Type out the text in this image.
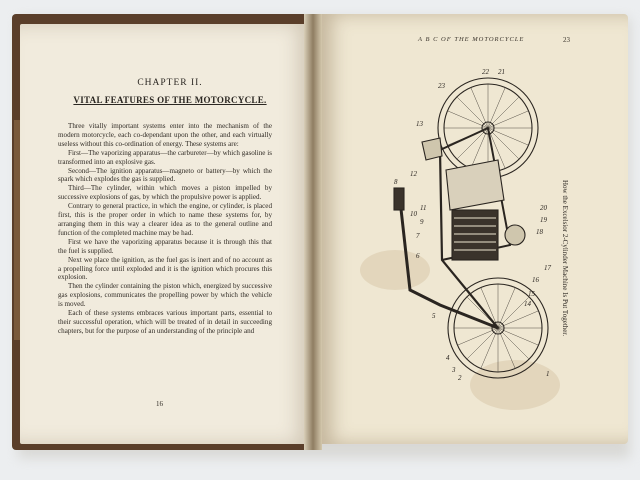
CHAPTER II.
VITAL FEATURES OF THE MOTORCYCLE.

Three vitally important systems enter into the mechanism of the modern motorcycle, each co-dependant upon the other, and each virtually useless without this co-ordination of energy. These systems are:

First—The vaporizing apparatus—the carbureter—by which gasoline is transformed into an explosive gas.

Second—The ignition apparatus—magneto or battery—by which the spark which explodes the gas is supplied.

Third—The cylinder, within which moves a piston impelled by successive explosions of gas, by which the propulsive power is applied.

Contrary to general practice, in which the engine, or cylinder, is placed first, this is the proper order in which to name these systems for, by arranging them in this way a clearer idea as to the general outline and function of the completed machine may be had.

First we have the vaporizing apparatus because it is through this that the fuel is supplied.

Next we place the ignition, as the fuel gas is inert and of no account as a propelling force until exploded and it is the ignition which procures this explosion.

Then the cylinder containing the piston which, energized by successive gas explosions, communicates the propelling power by which the vehicle is moved.

Each of these systems embraces various important parts, essential to their successful operation, which will be treated of in detail in succeeding chapters, but for the purpose of an understanding of the principle and

16
A B C OF THE MOTORCYCLE	23
How the Excelsior 2-Cylinder Machine Is Put Together.
23
22 21
20
19
18
17
16
15
14
13
12
11
10
9
8
7
6
5
4
3
2	1
